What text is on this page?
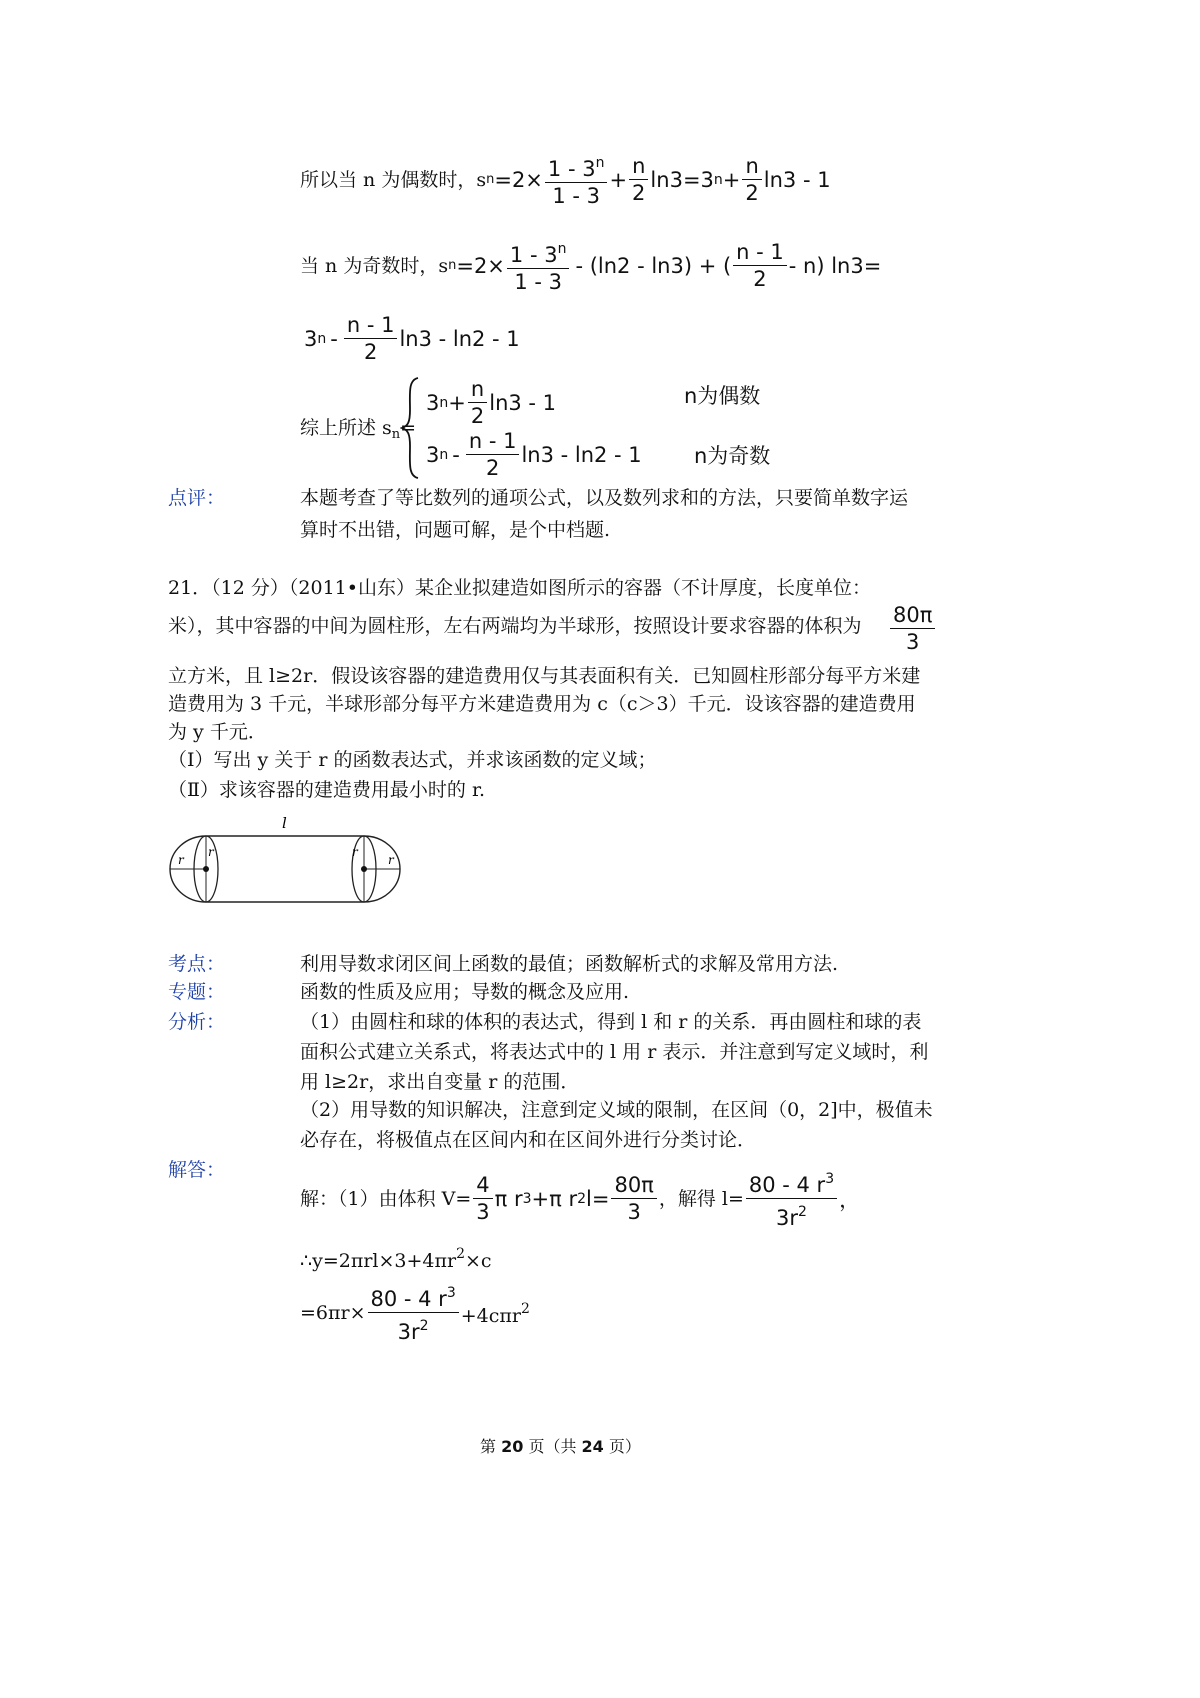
所以当 n 为偶数时，s $n = 2\times \frac{1 - 3^n}{1 - 3} + \frac{n}{2} \ln 3 = 3$ $n + \frac{n}{2} \ln 3 - 1$
当 n 为奇数时，s $n = 2\times \frac{1 - 3^n}{1 - 3} - (\ln 2 - \ln 3)$ + ( $\frac{n - 1}{2} - n$) ln3=
3 n - $\frac{n - 1}{2} \ln 3 - \ln 2 - 1$
综上所述 $s_n=$
3 $n + \frac{n}{2} \ln 3 - 1$	n为偶数
3 n - $\frac{n - 1}{2} \ln 3 - \ln 2 - 1$ n为奇数
点评：	本题考查了等比数列的通项公式，以及数列求和的方法，只要简单数字运
算时不出错，问题可解，是个中档题.
21．（12 分）（2011•山东）某企业拟建造如图所示的容器（不计厚度，长度单位：
米），其中容器的中间为圆柱形，左右两端均为半球形，按照设计要求容器的体积为 $\frac{80\pi}{3}$
立方米，且 l≥2r．假设该容器的建造费用仅与其表面积有关．已知圆柱形部分每平方米建
造费用为 3 千元，半球形部分每平方米建造费用为 c（c＞3）千元．设该容器的建造费用
为 y 千元．
（Ⅰ）写出 y 关于 r 的函数表达式，并求该函数的定义域；
（Ⅱ）求该容器的建造费用最小时的 r.
l
r
r	r
r
考点：	利用导数求闭区间上函数的最值；函数解析式的求解及常用方法.
专题：	函数的性质及应用；导数的概念及应用.
分析：	（1）由圆柱和球的体积的表达式，得到 l 和 r 的关系．再由圆柱和球的表
面积公式建立关系式，将表达式中的 l 用 r 表示．并注意到写定义域时，利
用 l≥2r，求出自变量 r 的范围．
（2）用导数的知识解决，注意到定义域的限制，在区间（0，2]中，极值未
必存在，将极值点在区间内和在区间外进行分类讨论．
解答：
解：（1）由体积 $V= \frac{4}{3}$ π r 3 +π r 2 $l= \frac{80\pi}{3}$ ，解得 $l= \frac{80 - 4 r^3}{3r^2}$ ，
$\therefore y=2\pi rl\times 3+4\pi r^2\times c$
$=6\pi r\times \frac{80 - 4 r^3}{3r^2} +4c\pi r^2$
第 20 页（共 24 页）
